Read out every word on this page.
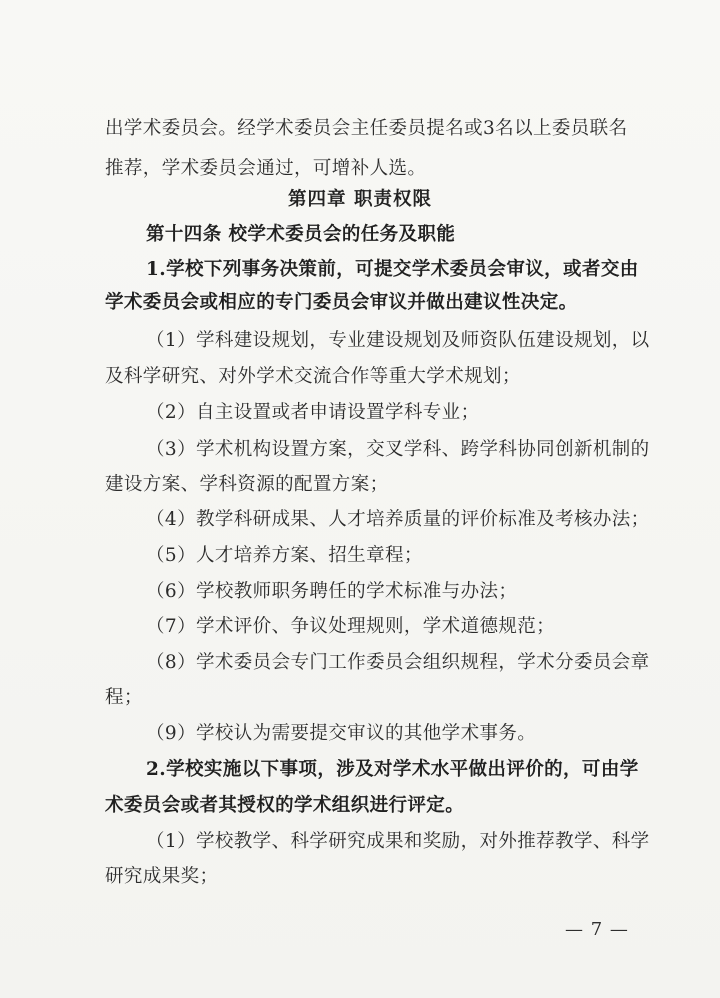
出学术委员会。经学术委员会主任委员提名或3名以上委员联名
推荐，学术委员会通过，可增补人选。
第四章 职责权限
第十四条 校学术委员会的任务及职能
1.学校下列事务决策前，可提交学术委员会审议，或者交由
学术委员会或相应的专门委员会审议并做出建议性决定。
（1）学科建设规划，专业建设规划及师资队伍建设规划，以
及科学研究、对外学术交流合作等重大学术规划；
（2）自主设置或者申请设置学科专业；
（3）学术机构设置方案，交叉学科、跨学科协同创新机制的
建设方案、学科资源的配置方案；
（4）教学科研成果、人才培养质量的评价标准及考核办法；
（5）人才培养方案、招生章程；
（6）学校教师职务聘任的学术标准与办法；
（7）学术评价、争议处理规则，学术道德规范；
（8）学术委员会专门工作委员会组织规程，学术分委员会章
程；
（9）学校认为需要提交审议的其他学术事务。
2.学校实施以下事项，涉及对学术水平做出评价的，可由学
术委员会或者其授权的学术组织进行评定。
（1）学校教学、科学研究成果和奖励，对外推荐教学、科学
研究成果奖；
— 7 —
